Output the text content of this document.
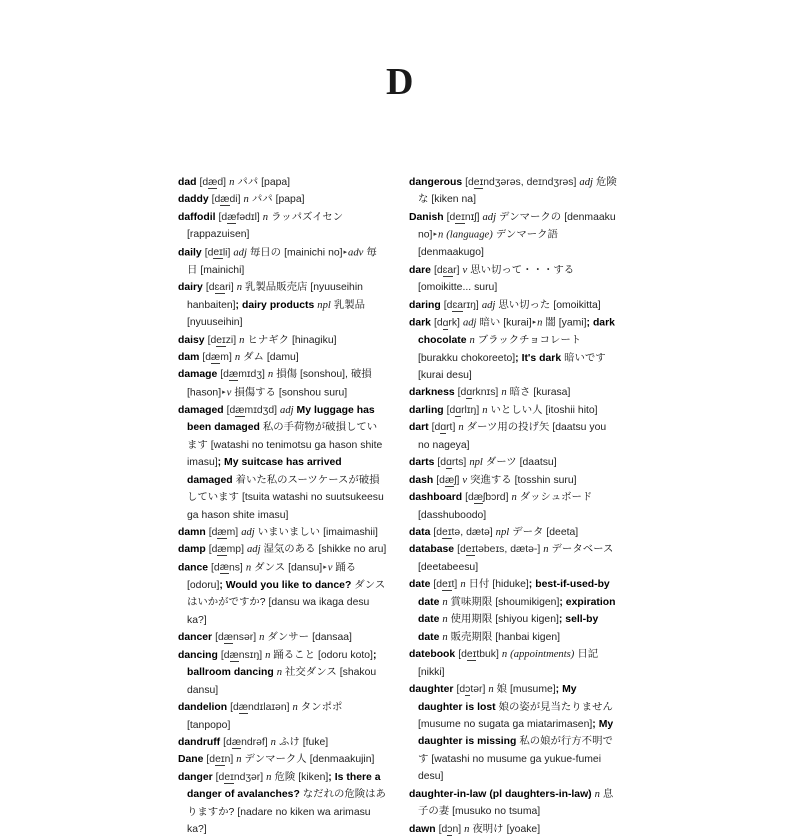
D

dad [dæd] n パパ [papa]

daddy [dædi] n パパ [papa]

daffodil [dæfədɪl] n ラッパズイセン [rappazuisen]

daily [deɪli] adj 毎日の [mainichi no]▸adv 毎日 [mainichi]

dairy [dɛari] n 乳製品販売店 [nyuuseihin hanbaiten]; dairy products npl 乳製品 [nyuuseihin]

daisy [deɪzi] n ヒナギク [hinagiku]

dam [dæm] n ダム [damu]

damage [dæmɪdʒ] n 損傷 [sonshou], 破損 [hason]▸v 損傷する [sonshou suru]

damaged [dæmɪdʒd] adj My luggage has been damaged 私の手荷物が破損しています [watashi no tenimotsu ga hason shite imasu]; My suitcase has arrived damaged 着いた私のスーツケースが破損しています [tsuita watashi no suutsukeesu ga hason shite imasu]

damn [dæm] adj いまいましい [imaimashii]

damp [dæmp] adj 湿気のある [shikke no aru]

dance [dæns] n ダンス [dansu]▸v 踊る [odoru]; Would you like to dance? ダンスはいかがですか? [dansu wa ikaga desu ka?]

dancer [dænsər] n ダンサー [dansaa]

dancing [dænsɪŋ] n 踊ること [odoru koto]; ballroom dancing n 社交ダンス [shakou dansu]

dandelion [dændɪlaɪən] n タンポポ [tanpopo]

dandruff [dændrəf] n ふけ [fuke]

Dane [deɪn] n デンマーク人 [denmaakujin]

danger [deɪndʒər] n 危険 [kiken]; Is there a danger of avalanches? なだれの危険はありますか? [nadare no kiken wa arimasu ka?]

dangerous [deɪndʒərəs, deɪndʒrəs] adj 危険な [kiken na]

Danish [deɪnɪʃ] adj デンマークの [denmaaku no]▸n (language) デンマーク語 [denmaakugo]

dare [dɛar] v 思い切って・・・する [omoikitte... suru]

daring [dɛarɪŋ] adj 思い切った [omoikitta]

dark [dɑrk] adj 暗い [kurai]▸n 闇 [yami]; dark chocolate n ブラックチョコレート [burakku chokoreeto]; It's dark 暗いです [kurai desu]

darkness [dɑrknɪs] n 暗さ [kurasa]

darling [dɑrlɪŋ] n いとしい人 [itoshii hito]

dart [dɑrt] n ダーツ用の投げ矢 [daatsu you no nageya]

darts [dɑrts] npl ダーツ [daatsu]

dash [dæʃ] v 突進する [tosshin suru]

dashboard [dæʃbɔrd] n ダッシュボード [dasshuboodo]

data [deɪtə, dætə] npl データ [deeta]

database [deɪtəbeɪs, dætə-] n データベース [deetabeesu]

date [deɪt] n 日付 [hiduke]; best-if-used-by date n 賞味期限 [shoumikigen]; expiration date n 使用期限 [shiyou kigen]; sell-by date n 販売期限 [hanbai kigen]

datebook [deɪtbuk] n (appointments) 日記 [nikki]

daughter [dɔtər] n 娘 [musume]; My daughter is lost 娘の姿が見当たりません [musume no sugata ga miatarimasen]; My daughter is missing 私の娘が行方不明です [watashi no musume ga yukue-fumei desu]

daughter-in-law (pl daughters-in-law) n 息子の妻 [musuko no tsuma]

dawn [dɔn] n 夜明け [yoake]
